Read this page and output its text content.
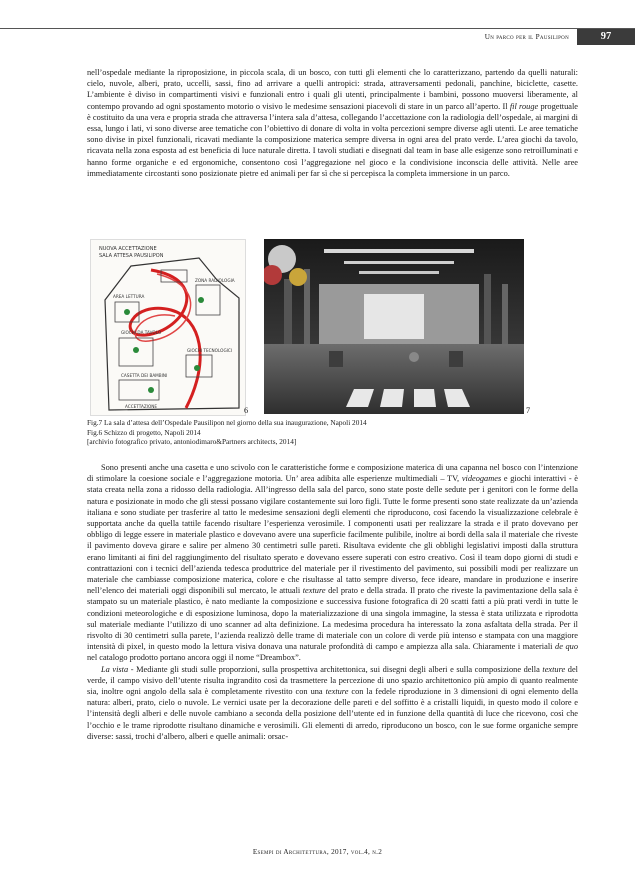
Un parco per il Pausilipon	97

nell’ospedale mediante la riproposizione, in piccola scala, di un bosco, con tutti gli elementi che lo caratterizzano, partendo da quelli naturali: cielo, nuvole, alberi, prato, uccelli, sassi, fino ad arrivare a quelli antropici: strada, attraversamenti pedonali, panchine, biciclette, casette. L’ambiente è diviso in compartimenti visivi e funzionali entro i quali gli utenti, principalmente i bambini, possono muoversi liberamente, al contempo provando ad ogni spostamento motorio o visivo le medesime sensazioni piacevoli di stare in un parco all’aperto. Il fil rouge progettuale è costituito da una vera e propria strada che attraversa l’intera sala d’attesa, collegando l’accettazione con la radiologia dell’ospedale, ai margini di essa, lungo i lati, vi sono diverse aree tematiche con l’obiettivo di donare di volta in volta percezioni sempre diverse agli utenti. Le aree tematiche sono divise in pixel funzionali, ricavati mediante la composizione materica sempre diversa in ogni area del prato verde. L’area giochi da tavolo, ricavata nella zona esposta ad est beneficia di luce naturale diretta. I tavoli studiati e disegnati dal team in base alle esigenze sono retroilluminati e hanno forme organiche e ed ergonomiche, consentono così l’aggregazione nel gioco e la condivisione inconscia delle attività. Nelle aree immediatamente circostanti sono posizionate pietre ed animali per far sì che si percepisca la completa immersione in un parco.

NUOVA ACCETTAZIONE
SALA ATTESA PAUSILIPON
ZONA RADIOLOGIA
AREA LETTURA
GIOCHI DA TAVOLO
CASETTA DEI BAMBINI
GIOCHI TECNOLOGICI
ACCETTAZIONE	6	7
Fig.7 La sala d’attesa dell’Ospedale Pausilipon nel giorno della sua inaugurazione, Napoli 2014
Fig.6 Schizzo di progetto, Napoli 2014
[archivio fotografico privato, antoniodimaro&Partners architects, 2014]

Sono presenti anche una casetta e uno scivolo con le caratteristiche forme e composizione materica di una capanna nel bosco con l’intenzione di stimolare la coesione sociale e l’aggregazione motoria. Un’ area adibita alle esperienze multimediali – TV, videogames e giochi interattivi - è stata creata nella zona a ridosso della radiologia. All’ingresso della sala del parco, sono state poste delle sedute per i genitori con le forme della natura e posizionate in modo che gli stessi possano vigilare costantemente sui loro figli. Tutte le forme presenti sono state realizzate da un’azienda italiana e sono studiate per trasferire al tatto le medesime sensazioni degli elementi che riproducono, così facendo la visualizzazione celebrale è supportata anche da quella tattile facendo risultare l’esperienza verosimile. I componenti usati per realizzare la strada e il prato dovevano per obbligo di legge essere in materiale plastico e dovevano avere una superficie facilmente pulibile, inoltre ai bordi della sala il materiale che riveste il pavimento doveva girare e salire per almeno 30 centimetri sulle pareti. Risultava evidente che gli obblighi legislativi imposti dalla struttura erano limitanti ai fini del raggiungimento del risultato sperato e dovevano essere superati con estro creativo. Così il team dopo giorni di studi e contrattazioni con i tecnici dell’azienda tedesca produttrice del materiale per il rivestimento del pavimento, sui possibili modi per realizzare un materiale che cambiasse composizione materica, colore e che risultasse al tatto sempre diverso, fece ideare, mandare in produzione e inserire nell’elenco dei materiali oggi disponibili sul mercato, le attuali texture del prato e della strada. Il prato che riveste la pavimentazione della sala è stampato su un materiale plastico, è nato mediante la composizione e successiva fusione fotografica di 20 scatti fatti a più prati verdi in tutte le condizioni meteorologiche e di esposizione luminosa, dopo la materializzazione di una singola immagine, la stessa è stata utilizzata e riprodotta sul materiale mediante l’utilizzo di uno scanner ad alta definizione. La medesima procedura ha interessato la zona asfaltata della strada. Per il risvolto di 30 centimetri sulla parete, l’azienda realizzò delle trame di materiale con un colore di verde più intenso e stampata con una maggiore intensità di pixel, in questo modo la lettura visiva donava una naturale profondità di campo e ampiezza alla sala. Chiaramente i materiali de quo nel catalogo prodotto portano ancora oggi il nome “Dreambox”.

La vista - Mediante gli studi sulle proporzioni, sulla prospettiva architettonica, sui disegni degli alberi e sulla composizione della texture del verde, il campo visivo dell’utente risulta ingrandito così da trasmettere la percezione di uno spazio architettonico più ampio di quanto realmente sia, inoltre ogni angolo della sala è completamente rivestito con una texture con la fedele riproduzione in 3 dimensioni di ogni elemento della natura: alberi, prato, cielo o nuvole. Le vernici usate per la decorazione delle pareti e del soffitto è a cristalli liquidi, in questo modo il colore e l’intensità degli alberi e delle nuvole cambiano a seconda della posizione dell’utente ed in funzione della quantità di luce che ricevono, così che l’occhio e le trame riprodotte risultano dinamiche e verosimili. Gli elementi di arredo, riproducono un bosco, con le sue forme organiche sempre diverse: sassi, trochi d’albero, alberi e quelle animali: orsac-

Esempi di Architettura, 2017, vol.4, n.2
